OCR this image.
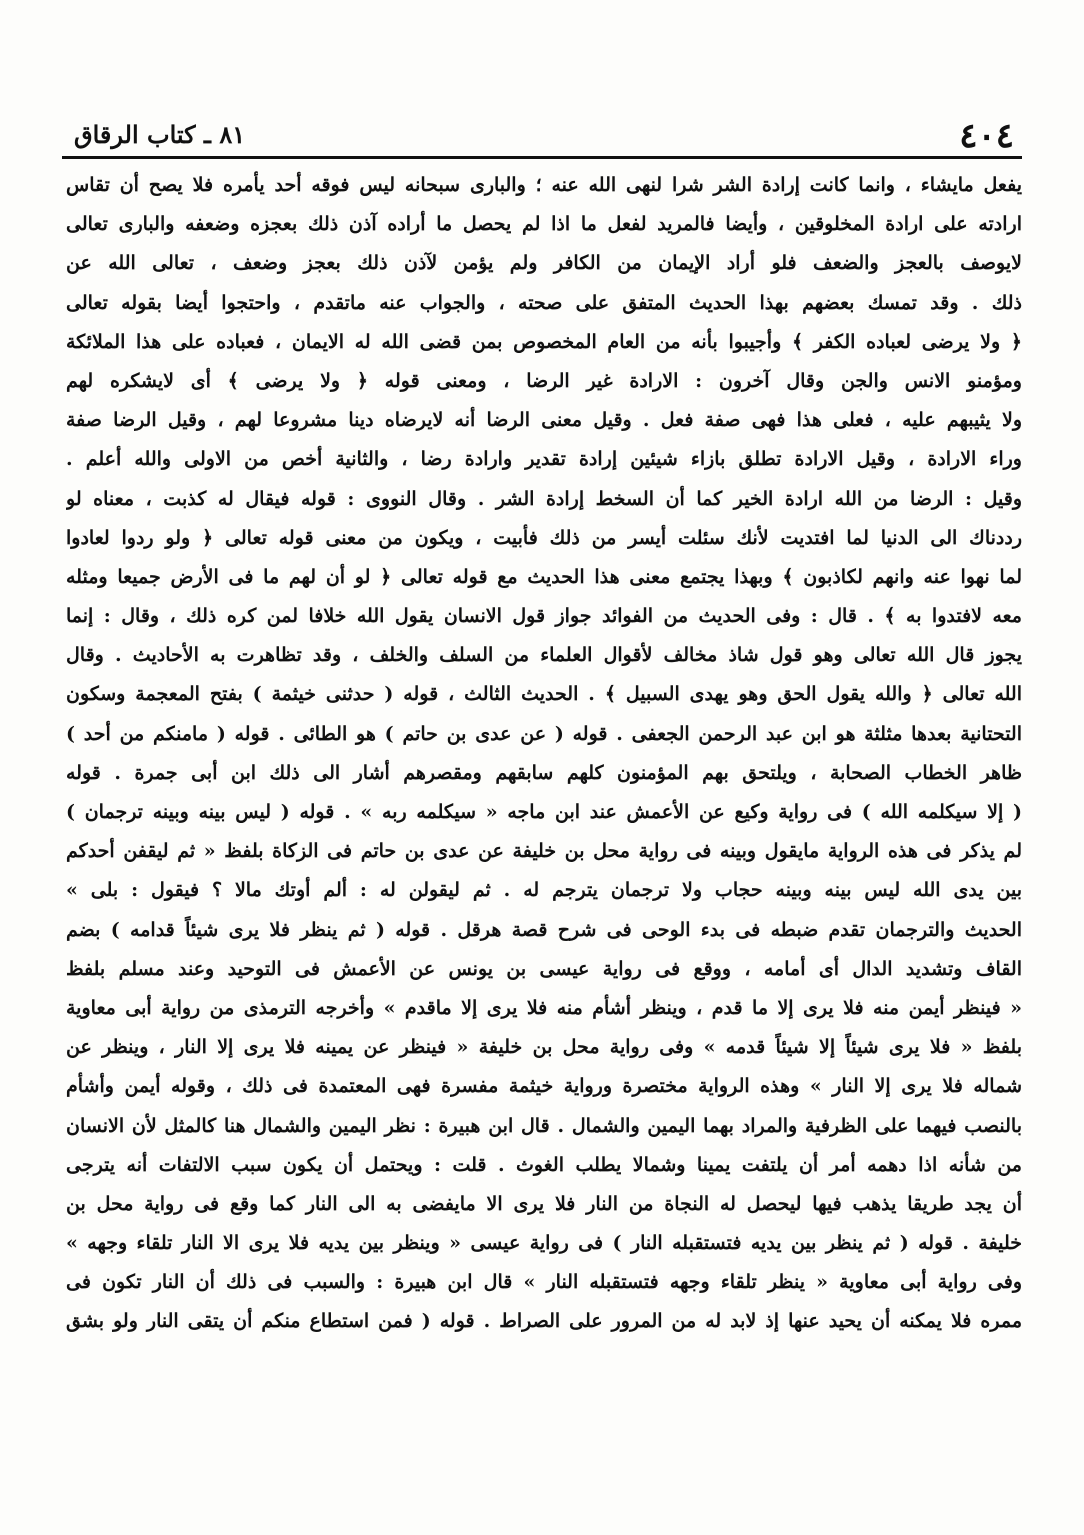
٤٠٤
٨١ ـ كتاب الرقاق
يفعل مايشاء ، وانما كانت إرادة الشر شرا لنهى الله عنه ؛ والبارى سبحانه ليس فوقه أحد يأمره فلا يصح أن تقاس
ارادته على ارادة المخلوقين ، وأيضا فالمريد لفعل ما اذا لم يحصل ما أراده آذن ذلك بعجزه وضعفه والبارى تعالى
لايوصف بالعجز والضعف فلو أراد الإيمان من الكافر ولم يؤمن لآذن ذلك بعجز وضعف ، تعالى الله عن
ذلك . وقد تمسك بعضهم بهذا الحديث المتفق على صحته ، والجواب عنه ماتقدم ، واحتجوا أيضا بقوله تعالى
﴿ ولا يرضى لعباده الكفر ﴾ وأجيبوا بأنه من العام المخصوص بمن قضى الله له الايمان ، فعباده على هذا الملائكة
ومؤمنو الانس والجن وقال آخرون : الارادة غير الرضا ، ومعنى قوله ﴿ ولا يرضى ﴾ أى لايشكره لهم
ولا يثيبهم عليه ، فعلى هذا فهى صفة فعل . وقيل معنى الرضا أنه لايرضاه دينا مشروعا لهم ، وقيل الرضا صفة
وراء الارادة ، وقيل الارادة تطلق بازاء شيئين إرادة تقدير وارادة رضا ، والثانية أخص من الاولى والله أعلم .
وقيل : الرضا من الله ارادة الخير كما أن السخط إرادة الشر . وقال النووى : قوله فيقال له كذبت ، معناه لو
رددناك الى الدنيا لما افتديت لأنك سئلت أيسر من ذلك فأبيت ، ويكون من معنى قوله تعالى ﴿ ولو ردوا لعادوا
لما نهوا عنه وانهم لكاذبون ﴾ وبهذا يجتمع معنى هذا الحديث مع قوله تعالى ﴿ لو أن لهم ما فى الأرض جميعا ومثله
معه لافتدوا به ﴾ . قال : وفى الحديث من الفوائد جواز قول الانسان يقول الله خلافا لمن كره ذلك ، وقال : إنما
يجوز قال الله تعالى وهو قول شاذ مخالف لأقوال العلماء من السلف والخلف ، وقد تظاهرت به الأحاديث . وقال
الله تعالى ﴿ والله يقول الحق وهو يهدى السبيل ﴾ . الحديث الثالث ، قوله ( حدثنى خيثمة ) بفتح المعجمة وسكون
التحتانية بعدها مثلثة هو ابن عبد الرحمن الجعفى . قوله ( عن عدى بن حاتم ) هو الطائى . قوله ( مامنكم من أحد )
ظاهر الخطاب الصحابة ، ويلتحق بهم المؤمنون كلهم سابقهم ومقصرهم أشار الى ذلك ابن أبى جمرة . قوله
( إلا سيكلمه الله ) فى رواية وكيع عن الأعمش عند ابن ماجه « سيكلمه ربه » . قوله ( ليس بينه وبينه ترجمان )
لم يذكر فى هذه الرواية مايقول وبينه فى رواية محل بن خليفة عن عدى بن حاتم فى الزكاة بلفظ « ثم ليقفن أحدكم
بين يدى الله ليس بينه وبينه حجاب ولا ترجمان يترجم له . ثم ليقولن له : ألم أوتك مالا ؟ فيقول : بلى »
الحديث والترجمان تقدم ضبطه فى بدء الوحى فى شرح قصة هرقل . قوله ( ثم ينظر فلا يرى شيئاً قدامه ) بضم
القاف وتشديد الدال أى أمامه ، ووقع فى رواية عيسى بن يونس عن الأعمش فى التوحيد وعند مسلم بلفظ
« فينظر أيمن منه فلا يرى إلا ما قدم ، وينظر أشأم منه فلا يرى إلا ماقدم » وأخرجه الترمذى من رواية أبى معاوية
بلفظ « فلا يرى شيئاً إلا شيئاً قدمه » وفى رواية محل بن خليفة « فينظر عن يمينه فلا يرى إلا النار ، وينظر عن
شماله فلا يرى إلا النار » وهذه الرواية مختصرة ورواية خيثمة مفسرة فهى المعتمدة فى ذلك ، وقوله أيمن وأشأم
بالنصب فيهما على الظرفية والمراد بهما اليمين والشمال . قال ابن هبيرة : نظر اليمين والشمال هنا كالمثل لأن الانسان
من شأنه اذا دهمه أمر أن يلتفت يمينا وشمالا يطلب الغوث . قلت : ويحتمل أن يكون سبب الالتفات أنه يترجى
أن يجد طريقا يذهب فيها ليحصل له النجاة من النار فلا يرى الا مايفضى به الى النار كما وقع فى رواية محل بن
خليفة . قوله ( ثم ينظر بين يديه فتستقبله النار ) فى رواية عيسى « وينظر بين يديه فلا يرى الا النار تلقاء وجهه »
وفى رواية أبى معاوية « ينظر تلقاء وجهه فتستقبله النار » قال ابن هبيرة : والسبب فى ذلك أن النار تكون فى
ممره فلا يمكنه أن يحيد عنها إذ لابد له من المرور على الصراط . قوله ( فمن استطاع منكم أن يتقى النار ولو بشق
